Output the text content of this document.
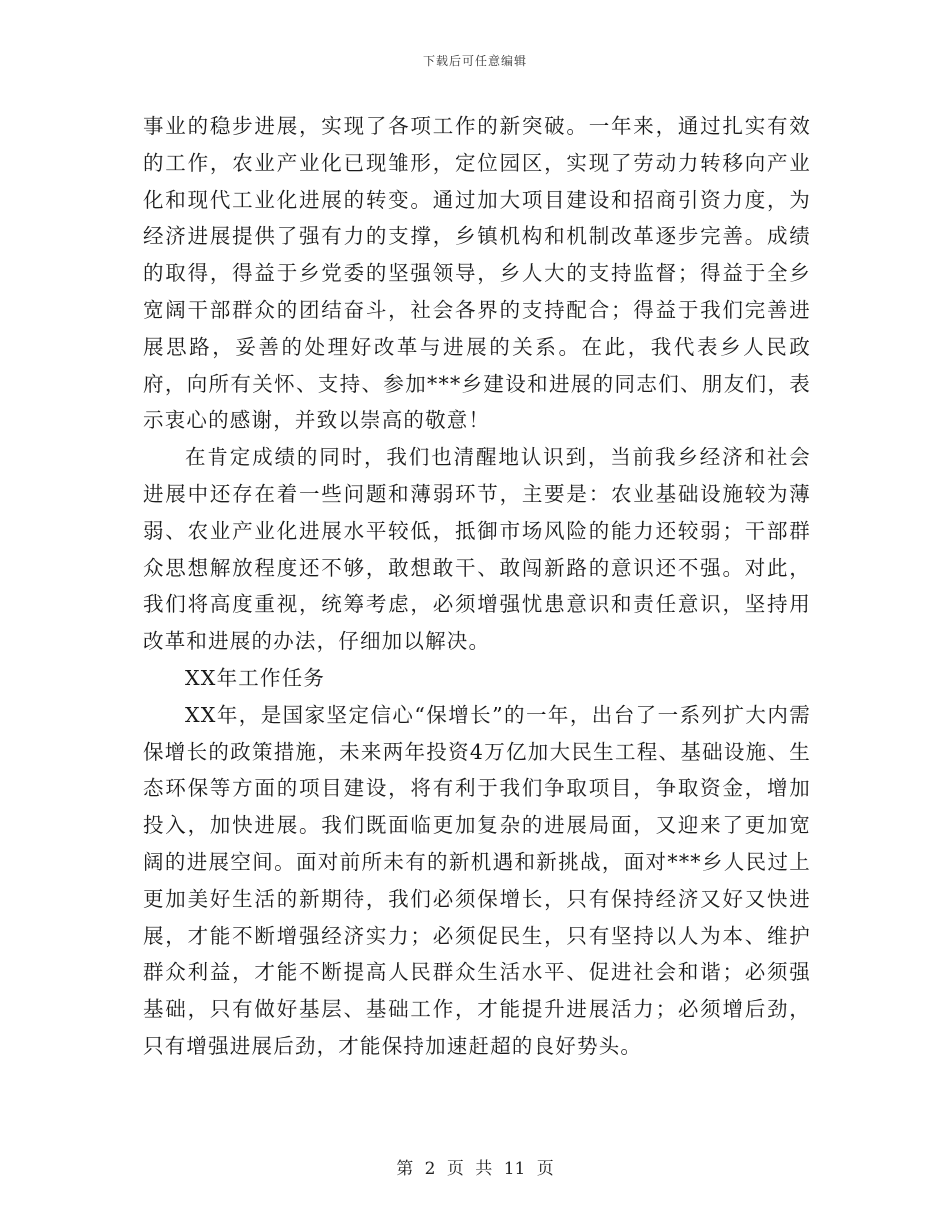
下载后可任意编辑

事业的稳步进展，实现了各项工作的新突破。一年来，通过扎实有效的工作，农业产业化已现雏形，定位园区，实现了劳动力转移向产业化和现代工业化进展的转变。通过加大项目建设和招商引资力度，为经济进展提供了强有力的支撑，乡镇机构和机制改革逐步完善。成绩的取得，得益于乡党委的坚强领导，乡人大的支持监督；得益于全乡宽阔干部群众的团结奋斗，社会各界的支持配合；得益于我们完善进展思路，妥善的处理好改革与进展的关系。在此，我代表乡人民政府，向所有关怀、支持、参加***乡建设和进展的同志们、朋友们，表示衷心的感谢，并致以崇高的敬意！

在肯定成绩的同时，我们也清醒地认识到，当前我乡经济和社会进展中还存在着一些问题和薄弱环节，主要是：农业基础设施较为薄弱、农业产业化进展水平较低，抵御市场风险的能力还较弱；干部群众思想解放程度还不够，敢想敢干、敢闯新路的意识还不强。对此，我们将高度重视，统筹考虑，必须增强忧患意识和责任意识，坚持用改革和进展的办法，仔细加以解决。

XX年工作任务

XX年，是国家坚定信心“保增长”的一年，出台了一系列扩大内需保增长的政策措施，未来两年投资4万亿加大民生工程、基础设施、生态环保等方面的项目建设，将有利于我们争取项目，争取资金，增加投入，加快进展。我们既面临更加复杂的进展局面，又迎来了更加宽阔的进展空间。面对前所未有的新机遇和新挑战，面对***乡人民过上更加美好生活的新期待，我们必须保增长，只有保持经济又好又快进展，才能不断增强经济实力；必须促民生，只有坚持以人为本、维护群众利益，才能不断提高人民群众生活水平、促进社会和谐；必须强基础，只有做好基层、基础工作，才能提升进展活力；必须增后劲，只有增强进展后劲，才能保持加速赶超的良好势头。

第 2 页 共 11 页
